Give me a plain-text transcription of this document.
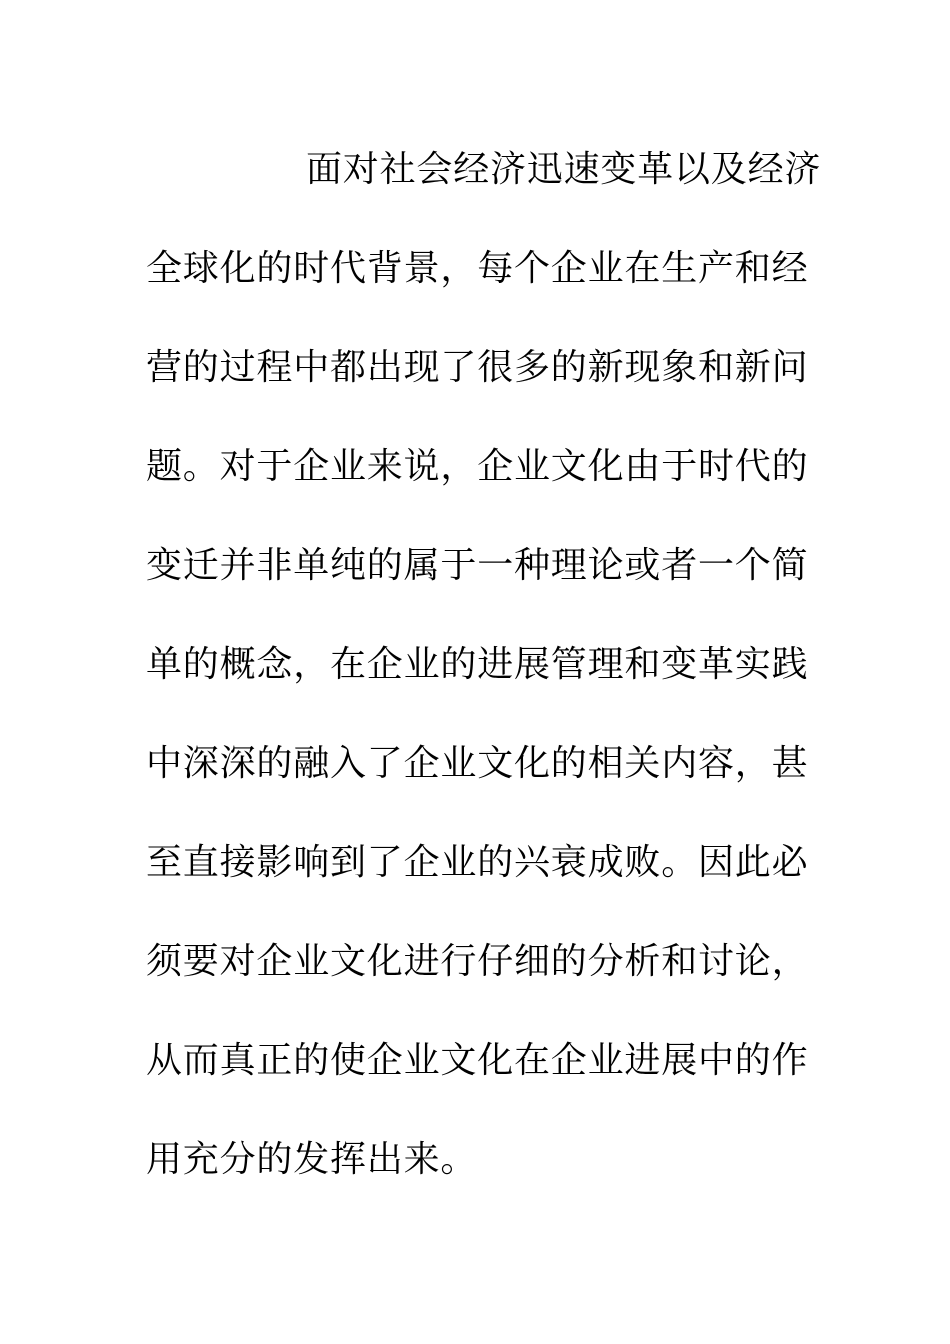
面对社会经济迅速变革以及经济
全球化的时代背景，每个企业在生产和经
营的过程中都出现了很多的新现象和新问
题。对于企业来说，企业文化由于时代的
变迁并非单纯的属于一种理论或者一个简
单的概念，在企业的进展管理和变革实践
中深深的融入了企业文化的相关内容，甚
至直接影响到了企业的兴衰成败。因此必
须要对企业文化进行仔细的分析和讨论，
从而真正的使企业文化在企业进展中的作
用充分的发挥出来。
